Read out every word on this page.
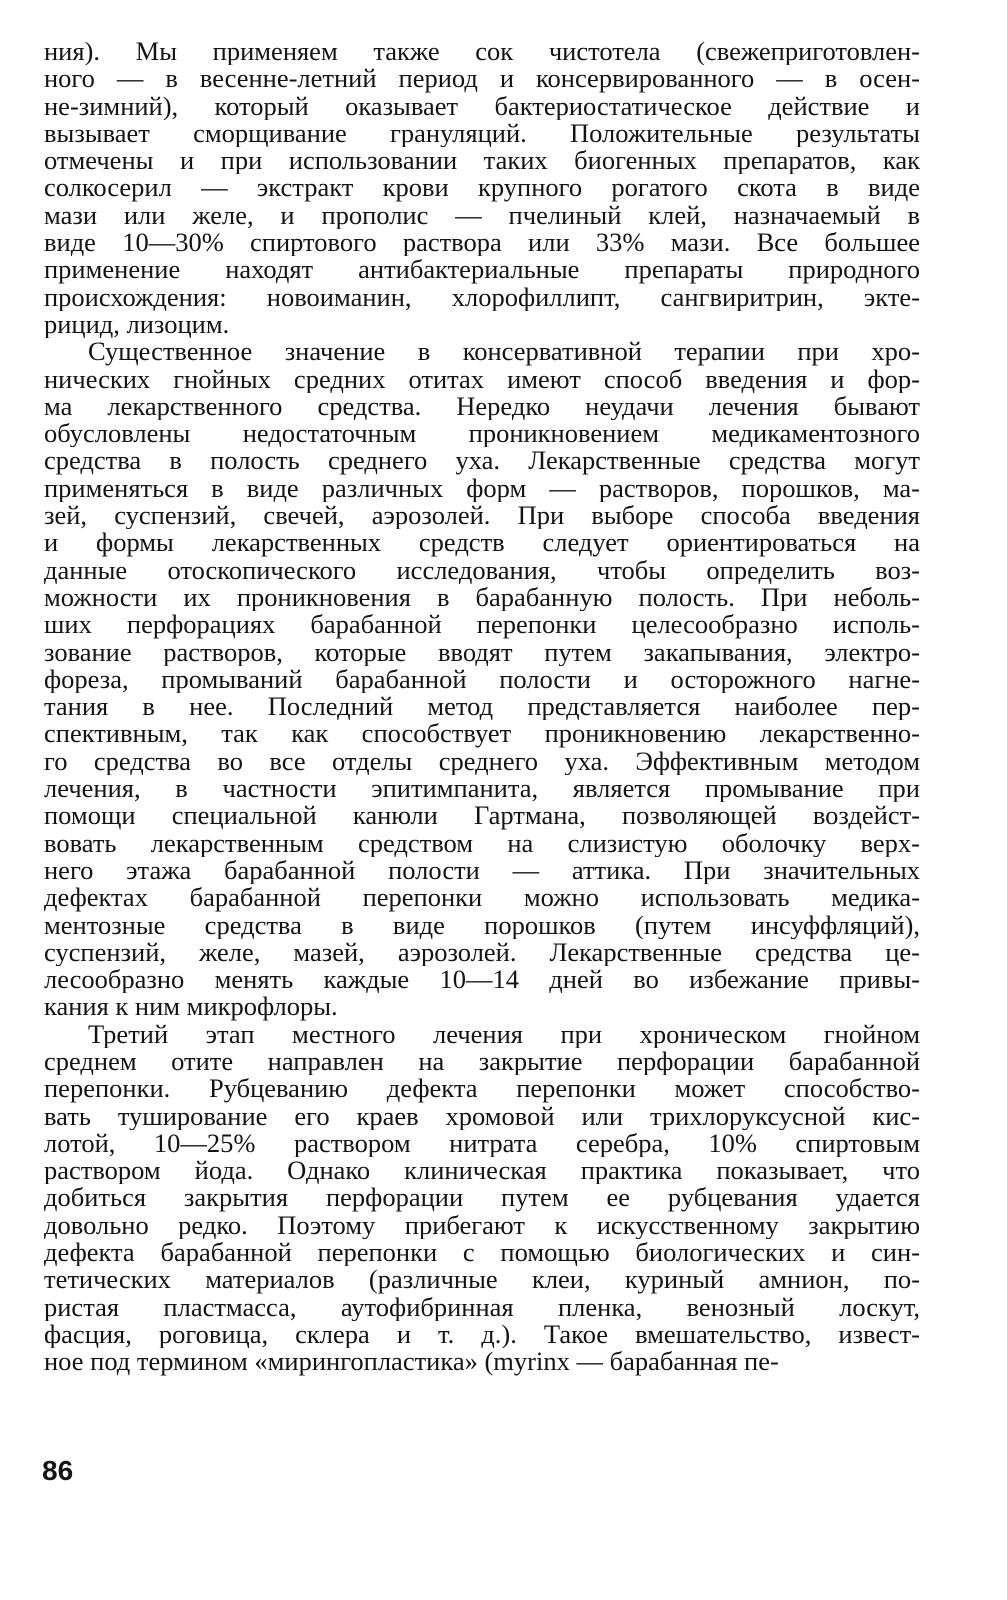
ния). Мы применяем также сок чистотела (свежеприготовлен-
ного — в весенне-летний период и консервированного — в осен-
не-зимний), который оказывает бактериостатическое действие и
вызывает сморщивание грануляций. Положительные результаты
отмечены и при использовании таких биогенных препаратов, как
солкосерил — экстракт крови крупного рогатого скота в виде
мази или желе, и прополис — пчелиный клей, назначаемый в
виде 10—30% спиртового раствора или 33% мази. Все большее
применение находят антибактериальные препараты природного
происхождения: новоиманин, хлорофиллипт, сангвиритрин, экте-
рицид, лизоцим.

Существенное значение в консервативной терапии при хро-
нических гнойных средних отитах имеют способ введения и фор-
ма лекарственного средства. Нередко неудачи лечения бывают
обусловлены недостаточным проникновением медикаментозного
средства в полость среднего уха. Лекарственные средства могут
применяться в виде различных форм — растворов, порошков, ма-
зей, суспензий, свечей, аэрозолей. При выборе способа введения
и формы лекарственных средств следует ориентироваться на
данные отоскопического исследования, чтобы определить воз-
можности их проникновения в барабанную полость. При неболь-
ших перфорациях барабанной перепонки целесообразно исполь-
зование растворов, которые вводят путем закапывания, электро-
фореза, промываний барабанной полости и осторожного нагне-
тания в нее. Последний метод представляется наиболее пер-
спективным, так как способствует проникновению лекарственно-
го средства во все отделы среднего уха. Эффективным методом
лечения, в частности эпитимпанита, является промывание при
помощи специальной канюли Гартмана, позволяющей воздейст-
вовать лекарственным средством на слизистую оболочку верх-
него этажа барабанной полости — аттика. При значительных
дефектах барабанной перепонки можно использовать медика-
ментозные средства в виде порошков (путем инсуффляций),
суспензий, желе, мазей, аэрозолей. Лекарственные средства це-
лесообразно менять каждые 10—14 дней во избежание привы-
кания к ним микрофлоры.

Третий этап местного лечения при хроническом гнойном
среднем отите направлен на закрытие перфорации барабанной
перепонки. Рубцеванию дефекта перепонки может способство-
вать туширование его краев хромовой или трихлоруксусной кис-
лотой, 10—25% раствором нитрата серебра, 10% спиртовым
раствором йода. Однако клиническая практика показывает, что
добиться закрытия перфорации путем ее рубцевания удается
довольно редко. Поэтому прибегают к искусственному закрытию
дефекта барабанной перепонки с помощью биологических и син-
тетических материалов (различные клеи, куриный амнион, по-
ристая пластмасса, аутофибринная пленка, венозный лоскут,
фасция, роговица, склера и т. д.). Такое вмешательство, извест-
ное под термином «мирингопластика» (myrinx — барабанная пе-

86
